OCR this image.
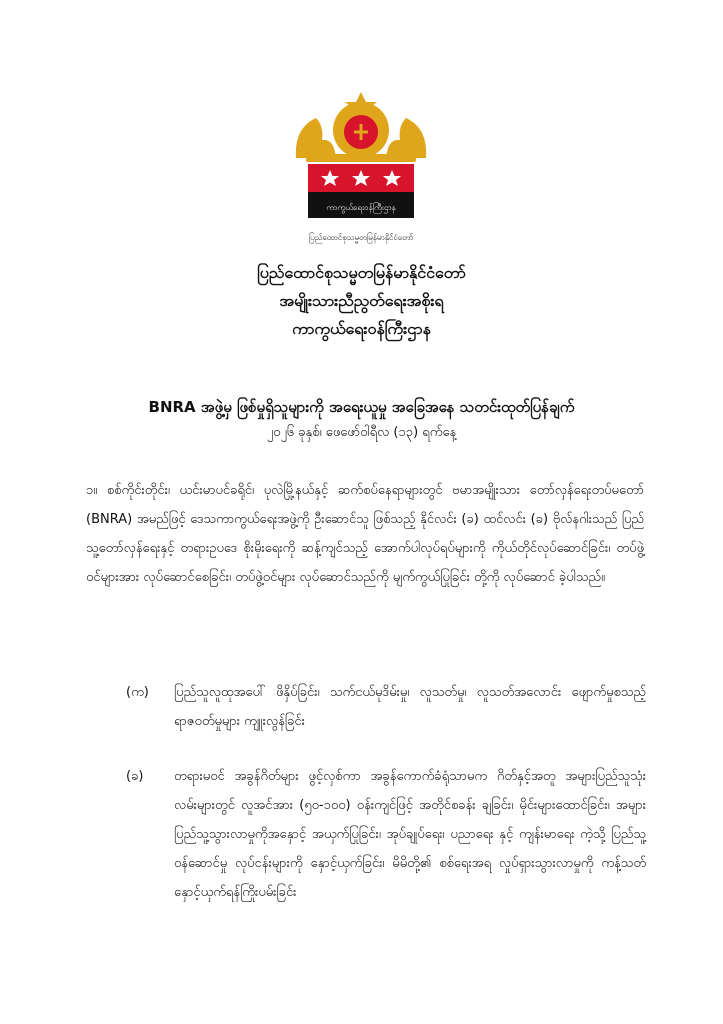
ကာကွယ်ရေးဝန်ကြီးဌာန
ပြည်ထောင်စုသမ္မတမြန်မာနိုင်ငံတော်
ပြည်ထောင်စုသမ္မတမြန်မာနိုင်ငံတော်
အမျိုးသားညီညွတ်ရေးအစိုးရ
ကာကွယ်ရေးဝန်ကြီးဌာန
BNRA အဖွဲ့မှ ဖြစ်မှုရှိသူများကို အရေးယူမှု အခြေအနေ သတင်းထုတ်ပြန်ချက်
၂၀၂၆ ခုနှစ်၊ ဖေဖော်ဝါရီလ (၁၃) ရက်နေ့

၁။ စစ်ကိုင်းတိုင်း၊ ယင်းမာပင်ခရိုင်၊ ပုလဲမြို့နယ်နှင့် ဆက်စပ်နေရာများတွင် ဗမာအမျိုးသား တော်လှန်ရေးတပ်မတော် (BNRA) အမည်ဖြင့် ဒေသကာကွယ်ရေးအဖွဲ့ကို ဦးဆောင်သူ ဖြစ်သည့် နိုင်လင်း (ခ) ထင်လင်း (ခ) ဗိုလ်နဂါးသည် ပြည်သူ့တော်လှန်ရေးနှင့် တရားဥပဒေ စိုးမိုးရေးကို ဆန့်ကျင်သည့် အောက်ပါလုပ်ရပ်များကို ကိုယ်တိုင်လုပ်ဆောင်ခြင်း၊ တပ်ဖွဲ့ဝင်များအား လုပ်ဆောင်စေခြင်း၊ တပ်ဖွဲ့ဝင်များ လုပ်ဆောင်သည်ကို မျက်ကွယ်ပြုခြင်း တို့ကို လုပ်ဆောင် ခဲ့ပါသည်။

(က)	ပြည်သူလူထုအပေါ် ဖိနှိပ်ခြင်း၊ သက်ငယ်မုဒိမ်းမှု၊ လူသတ်မှု၊ လူသတ်အလောင်း ဖျောက်မှုစသည့် ရာဇဝတ်မှုများ ကျူးလွန်ခြင်း
(ခ)	တရားမဝင် အခွန်ဂိတ်များ ဖွင့်လှစ်ကာ အခွန်ကောက်ခံရုံသာမက ဂိတ်နှင့်အတူ အများပြည်သူသုံးလမ်းများတွင် လူအင်အား (၅၀-၁၀၀) ဝန်းကျင်ဖြင့် အတိုင်စခန်း ချခြင်း၊ မိုင်းများထောင်ခြင်း၊ အများပြည်သူ့သွားလာမှုကိုအနှောင့် အယှက်ပြုခြင်း၊ အုပ်ချုပ်ရေး၊ ပညာရေး နှင့် ကျန်းမာရေး ကဲ့သို့ ပြည်သူ့ဝန်ဆောင်မှု လုပ်ငန်းများကို နှောင့်ယှက်ခြင်း၊ မိမိတို့၏ စစ်ရေးအရ လှုပ်ရှားသွားလာမှုကို ကန့်သတ်နှောင့်ယှက်ရန်ကြိုးပမ်းခြင်း
